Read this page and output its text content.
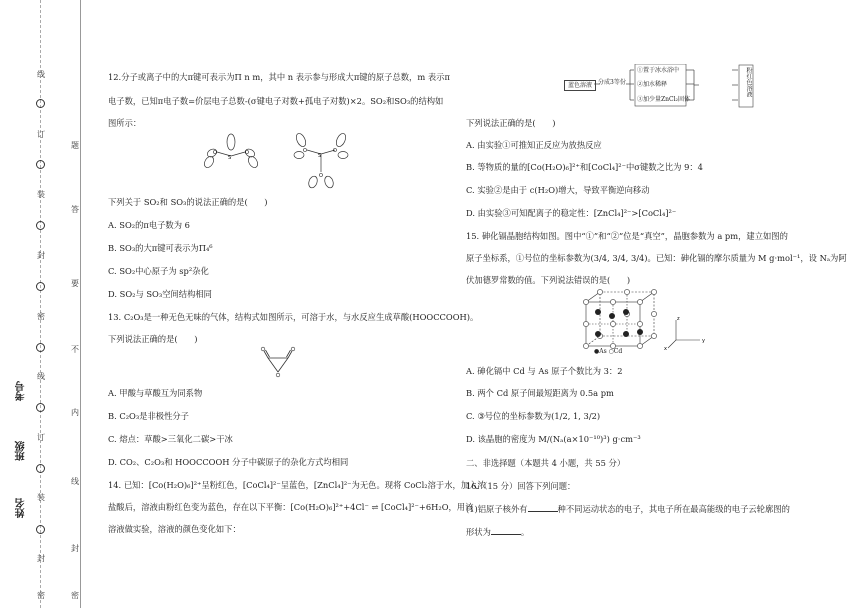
线
订
装
封
密
线
订
装
封
密
题
答
要
不
内
线
封
密
考号
班级
姓名
12.分子或离子中的大π键可表示为Π n m，其中 n 表示参与形成大π键的原子总数，m 表示π
电子数，已知π电子数=价层电子总数-(σ键电子对数+孤电子对数)×2。SO₂和SO₃的结构如
图所示：
S
O	O	S
O	O
O
下列关于 SO₂和 SO₃的说法正确的是(　　)
A. SO₂的π电子数为 6
B. SO₃的大π键可表示为Π₄⁶
C. SO₂中心原子为 sp²杂化
D. SO₂与 SO₃空间结构相同
13. C₂O₃是一种无色无味的气体，结构式如图所示，可溶于水，与水反应生成草酸(HOOCCOOH)。
下列说法正确的是(　　)
A. 甲酸与草酸互为同系物
B. C₂O₃是非极性分子
C. 熔点：草酸>三氧化二碳>干冰
D. CO₂、C₂O₃和 HOOCCOOH 分子中碳原子的杂化方式均相同
14. 已知：[Co(H₂O)₆]²⁺呈粉红色，[CoCl₄]²⁻呈蓝色，[ZnCl₄]²⁻为无色。现将 CoCl₂溶于水，加入浓
盐酸后，溶液由粉红色变为蓝色，存在以下平衡：[Co(H₂O)₆]²⁺+4Cl⁻ ⇌ [CoCl₄]²⁻+6H₂O，用该
溶液做实验，溶液的颜色变化如下：
蓝色溶液 分成3等份
①置于冰水浴中
②加水稀释
③加少量ZnCl₂固体
粉红色溶液
下列说法正确的是(　　)
A. 由实验①可推知正反应为放热反应
B. 等物质的量的[Co(H₂O)₆]²⁺和[CoCl₄]²⁻中σ键数之比为 9：4
C. 实验②是由于 c(H₂O)增大，导致平衡逆向移动
D. 由实验③可知配离子的稳定性：[ZnCl₄]²⁻>[CoCl₄]²⁻
15. 砷化镉晶胞结构如图。图中“①”和“②”位是“真空”，晶胞参数为 a pm，建立如图的
原子坐标系，①号位的坐标参数为(3/4, 3/4, 3/4)。已知：砷化镉的摩尔质量为 M g·mol⁻¹，设 Nₐ为阿
伏加德罗常数的值。下列说法错误的是(　　)
y
z
x
●As ○Cd
A. 砷化镉中 Cd 与 As 原子个数比为 3：2
B. 两个 Cd 原子间最短距离为 0.5a pm
C. ③号位的坐标参数为(1/2, 1, 3/2)
D. 该晶胞的密度为 M/(Nₐ(a×10⁻¹⁰)³) g·cm⁻³
二、非选择题（本题共 4 小题，共 55 分）
16.（15 分）回答下列问题：
(1)铝原子核外有	种不同运动状态的电子，其电子所在最高能级的电子云轮廓图的
形状为	。
